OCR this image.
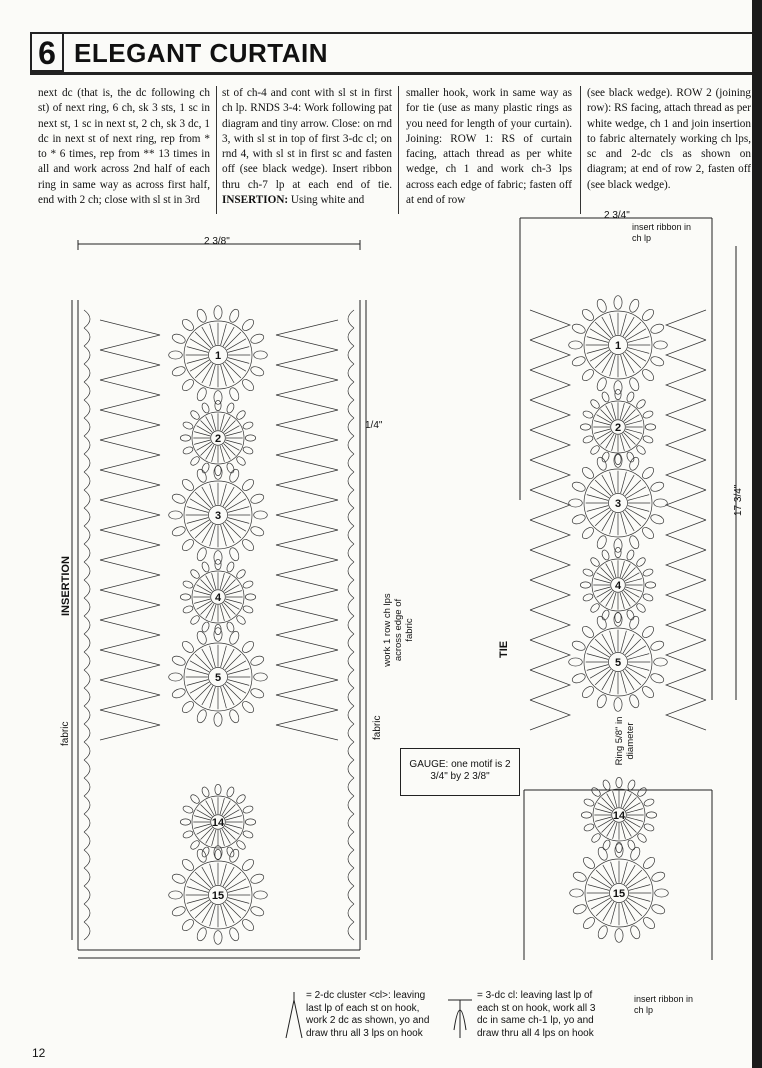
6 ELEGANT CURTAIN
next dc (that is, the dc following ch st) of next ring, 6 ch, sk 3 sts, 1 sc in next st, 1 sc in next st, 2 ch, sk 3 dc, 1 dc in next st of next ring, rep from * to * 6 times, rep from ** 13 times in all and work across 2nd half of each ring in same way as across first half, end with 2 ch; close with sl st in 3rd
st of ch-4 and cont with sl st in first ch lp. RNDS 3-4: Work following pat diagram and tiny arrow. Close: on rnd 3, with sl st in top of first 3-dc cl; on rnd 4, with sl st in first sc and fasten off (see black wedge). Insert ribbon thru ch-7 lp at each end of tie. INSERTION: Using white and
smaller hook, work in same way as for tie (use as many plastic rings as you need for length of your curtain). Joining: ROW 1: RS of curtain facing, attach thread as per white wedge, ch 1 and work ch-3 lps across each edge of fabric; fasten off at end of row
(see black wedge). ROW 2 (joining row): RS facing, attach thread as per white wedge, ch 1 and join insertion to fabric alternately working ch lps, sc and 2-dc cls as shown on diagram; at end of row 2, fasten off (see black wedge).
1
2
3
4
5
14
15
1
2
3
4
5
14
15
2 3/8"
2 3/4"
1/4"
INSERTION
fabric	fabric
work 1 row ch lps across edge of fabric
TIE
17 3/4"
Ring 5/8" in diameter
insert ribbon in ch lp
insert ribbon in ch lp
GAUGE: one motif is 2 3/4" by 2 3/8"
= 2-dc cluster <cl>: leaving last lp of each st on hook, work 2 dc as shown, yo and draw thru all 3 lps on hook
= 3-dc cl: leaving last lp of each st on hook, work all 3 dc in same ch-1 lp, yo and draw thru all 4 lps on hook
12
